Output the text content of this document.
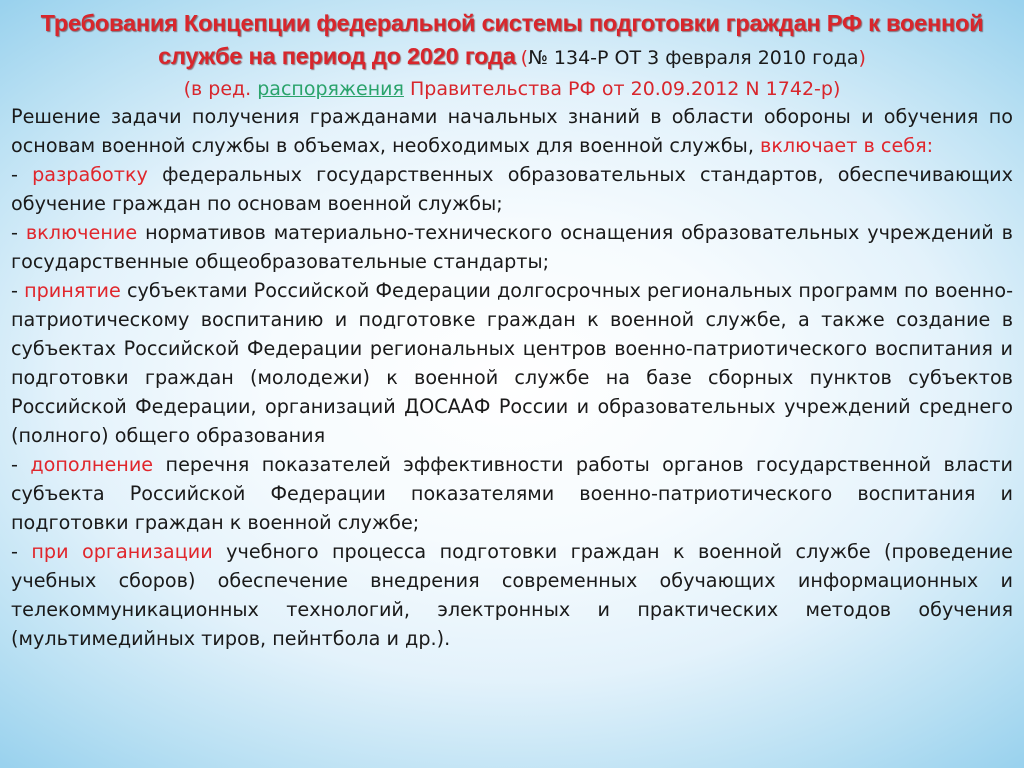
Требования Концепции федеральной системы подготовки граждан РФ к военной службе на период до 2020 года (№ 134-Р ОТ 3 февраля 2010 года)
(в ред. распоряжения Правительства РФ от 20.09.2012 N 1742-р)

Решение задачи получения гражданами начальных знаний в области обороны и обучения по основам военной службы в объемах, необходимых для военной службы, включает в себя:

- разработку федеральных государственных образовательных стандартов, обеспечивающих обучение граждан по основам военной службы;

- включение нормативов материально-технического оснащения образовательных учреждений в государственные общеобразовательные стандарты;

- принятие субъектами Российской Федерации долгосрочных региональных программ по военно-патриотическому воспитанию и подготовке граждан к военной службе, а также создание в субъектах Российской Федерации региональных центров военно-патриотического воспитания и подготовки граждан (молодежи) к военной службе на базе сборных пунктов субъектов Российской Федерации, организаций ДОСААФ России и образовательных учреждений среднего (полного) общего образования

- дополнение перечня показателей эффективности работы органов государственной власти субъекта Российской Федерации показателями военно-патриотического воспитания и подготовки граждан к военной службе;

- при организации учебного процесса подготовки граждан к военной службе (проведение учебных сборов) обеспечение внедрения современных обучающих информационных и телекоммуникационных технологий, электронных и практических методов обучения (мультимедийных тиров, пейнтбола и др.).
